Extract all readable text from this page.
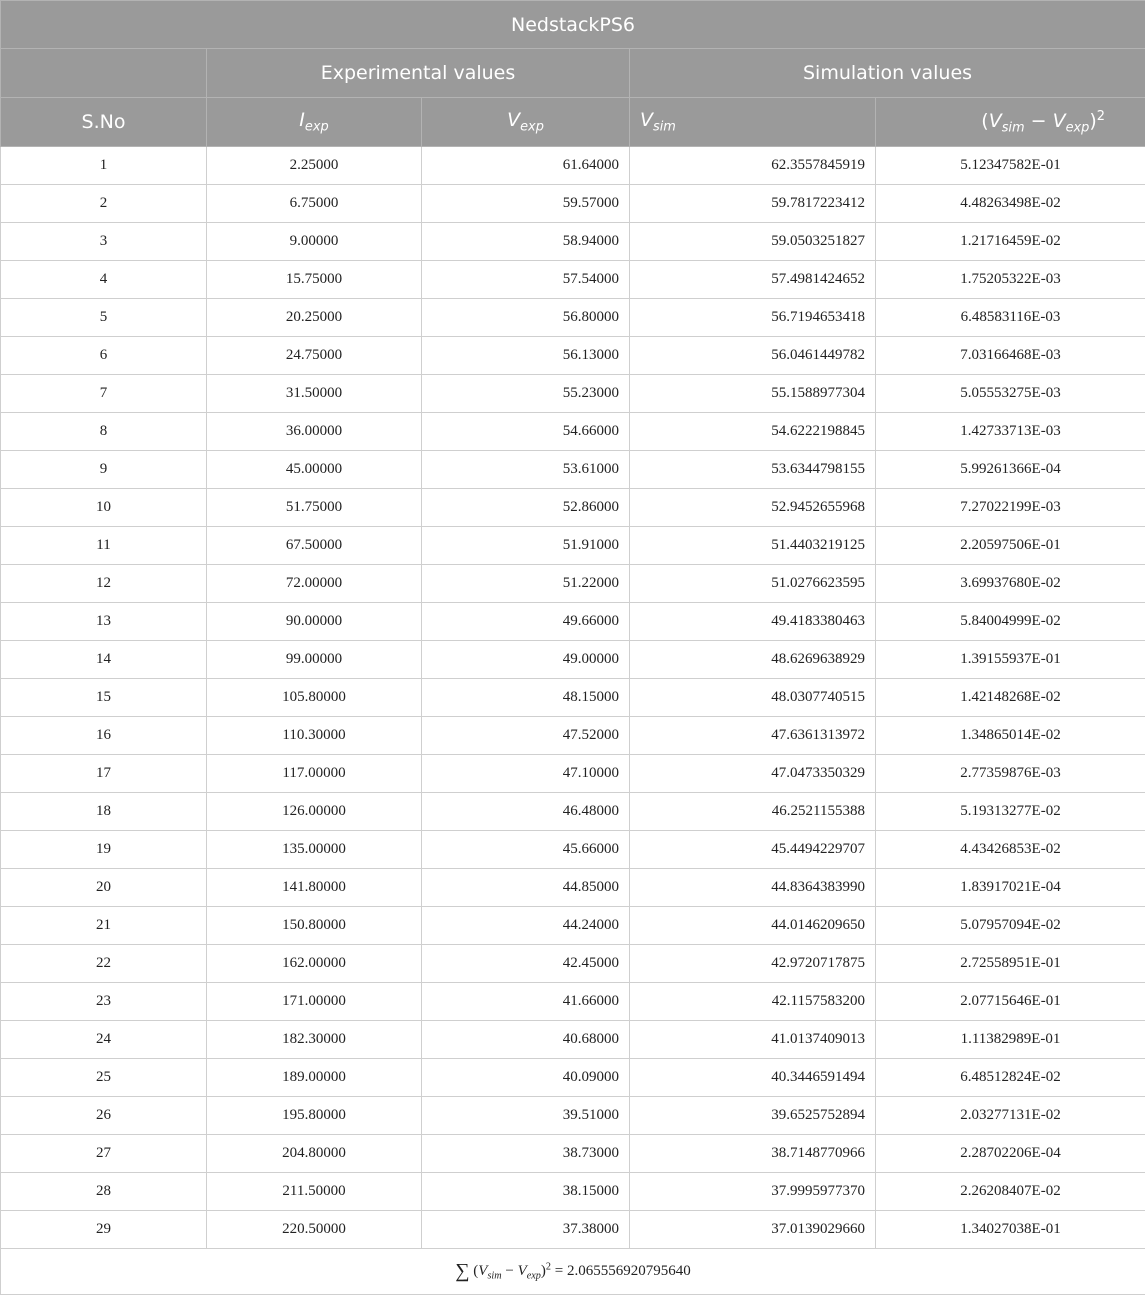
NedstackPS6				
	Experimental values		Simulation values	
S.No	$I_{exp}$	$V_{exp}$	$V_{sim}$	$(V_{sim} - V_{exp})^2$
1	2.25000	61.64000	62.3557845919	5.12347582E-01
2	6.75000	59.57000	59.7817223412	4.48263498E-02
3	9.00000	58.94000	59.0503251827	1.21716459E-02
4	15.75000	57.54000	57.4981424652	1.75205322E-03
5	20.25000	56.80000	56.7194653418	6.48583116E-03
6	24.75000	56.13000	56.0461449782	7.03166468E-03
7	31.50000	55.23000	55.1588977304	5.05553275E-03
8	36.00000	54.66000	54.6222198845	1.42733713E-03
9	45.00000	53.61000	53.6344798155	5.99261366E-04
10	51.75000	52.86000	52.9452655968	7.27022199E-03
11	67.50000	51.91000	51.4403219125	2.20597506E-01
12	72.00000	51.22000	51.0276623595	3.69937680E-02
13	90.00000	49.66000	49.4183380463	5.84004999E-02
14	99.00000	49.00000	48.6269638929	1.39155937E-01
15	105.80000	48.15000	48.0307740515	1.42148268E-02
16	110.30000	47.52000	47.6361313972	1.34865014E-02
17	117.00000	47.10000	47.0473350329	2.77359876E-03
18	126.00000	46.48000	46.2521155388	5.19313277E-02
19	135.00000	45.66000	45.4494229707	4.43426853E-02
20	141.80000	44.85000	44.8364383990	1.83917021E-04
21	150.80000	44.24000	44.0146209650	5.07957094E-02
22	162.00000	42.45000	42.9720717875	2.72558951E-01
23	171.00000	41.66000	42.1157583200	2.07715646E-01
24	182.30000	40.68000	41.0137409013	1.11382989E-01
25	189.00000	40.09000	40.3446591494	6.48512824E-02
26	195.80000	39.51000	39.6525752894	2.03277131E-02
27	204.80000	38.73000	38.7148770966	2.28702206E-04
28	211.50000	38.15000	37.9995977370	2.26208407E-02
29	220.50000	37.38000	37.0139029660	1.34027038E-01
∑ $(V_{sim} - V_{exp})^2 = 2.065556920795640$				
